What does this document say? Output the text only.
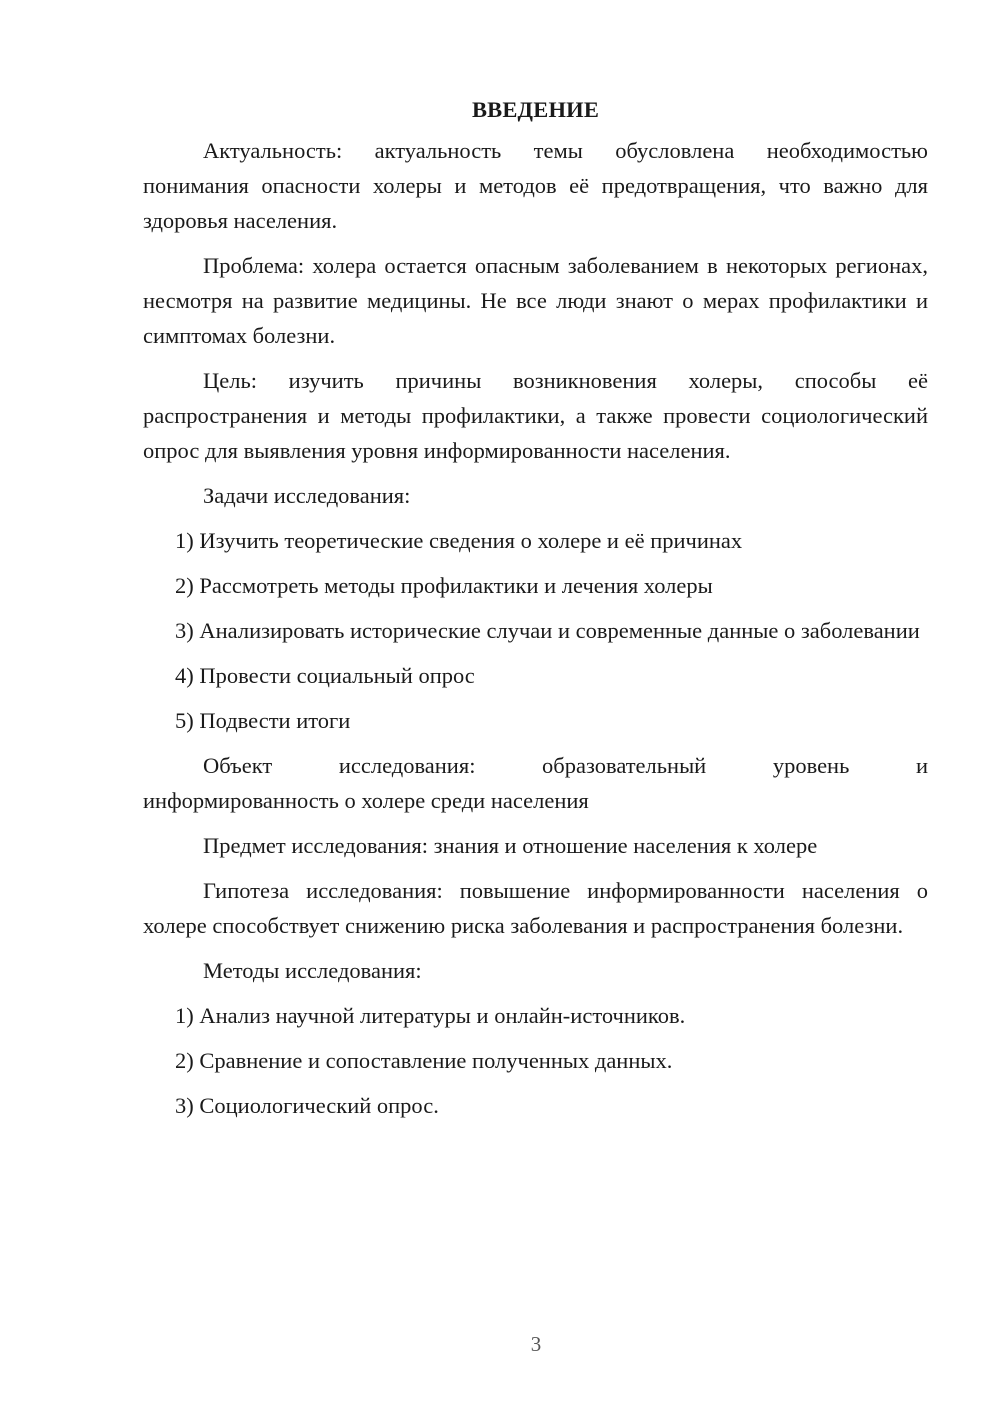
ВВЕДЕНИЕ

Актуальность: актуальность темы обусловлена необходимостью понимания опасности холеры и методов её предотвращения, что важно для здоровья населения.

Проблема: холера остается опасным заболеванием в некоторых регионах, несмотря на развитие медицины. Не все люди знают о мерах профилактики и симптомах болезни.

Цель: изучить причины возникновения холеры, способы её распространения и методы профилактики, а также провести социологический опрос для выявления уровня информированности населения.

Задачи исследования:

1) Изучить теоретические сведения о холере и её причинах

2) Рассмотреть методы профилактики и лечения холеры

3) Анализировать исторические случаи и современные данные о заболевании

4) Провести социальный опрос

5) Подвести итоги

Объект исследования: образовательный уровень и

информированность о холере среди населения

Предмет исследования: знания и отношение населения к холере

Гипотеза исследования: повышение информированности населения о холере способствует снижению риска заболевания и распространения болезни.

Методы исследования:

1) Анализ научной литературы и онлайн-источников.

2) Сравнение и сопоставление полученных данных.

3) Социологический опрос.

3
